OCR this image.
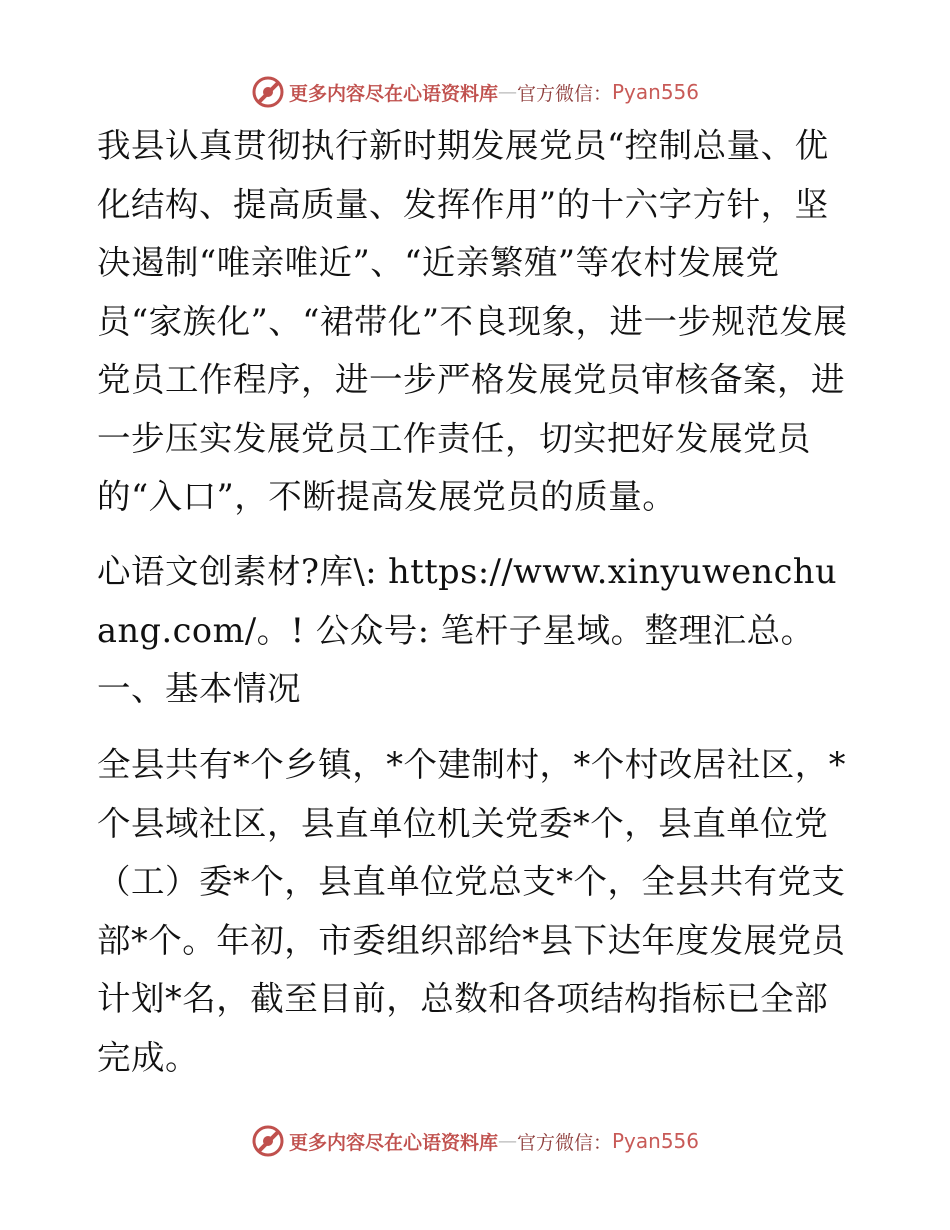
更多内容尽在心语资料库 — 官方微信： Pyan556

我县认真贯彻执行新时期发展党员“控制总量、优化结构、提高质量、发挥作用”的十六字方针，坚决遏制“唯亲唯近”、“近亲繁殖”等农村发展党员“家族化”、“裙带化”不良现象，进一步规范发展党员工作程序，进一步严格发展党员审核备案，进一步压实发展党员工作责任，切实把好发展党员的“入口”，不断提高发展党员的质量。

心语文创素材?库\: https://www.xinyuwenchuang.com/。! 公众号: 笔杆子星域。整理汇总。一、基本情况

全县共有*个乡镇，*个建制村，*个村改居社区，*个县域社区，县直单位机关党委*个，县直单位党（工）委*个，县直单位党总支*个，全县共有党支部*个。年初，市委组织部给*县下达年度发展党员计划*名，截至目前，总数和各项结构指标已全部完成。

更多内容尽在心语资料库 — 官方微信： Pyan556
